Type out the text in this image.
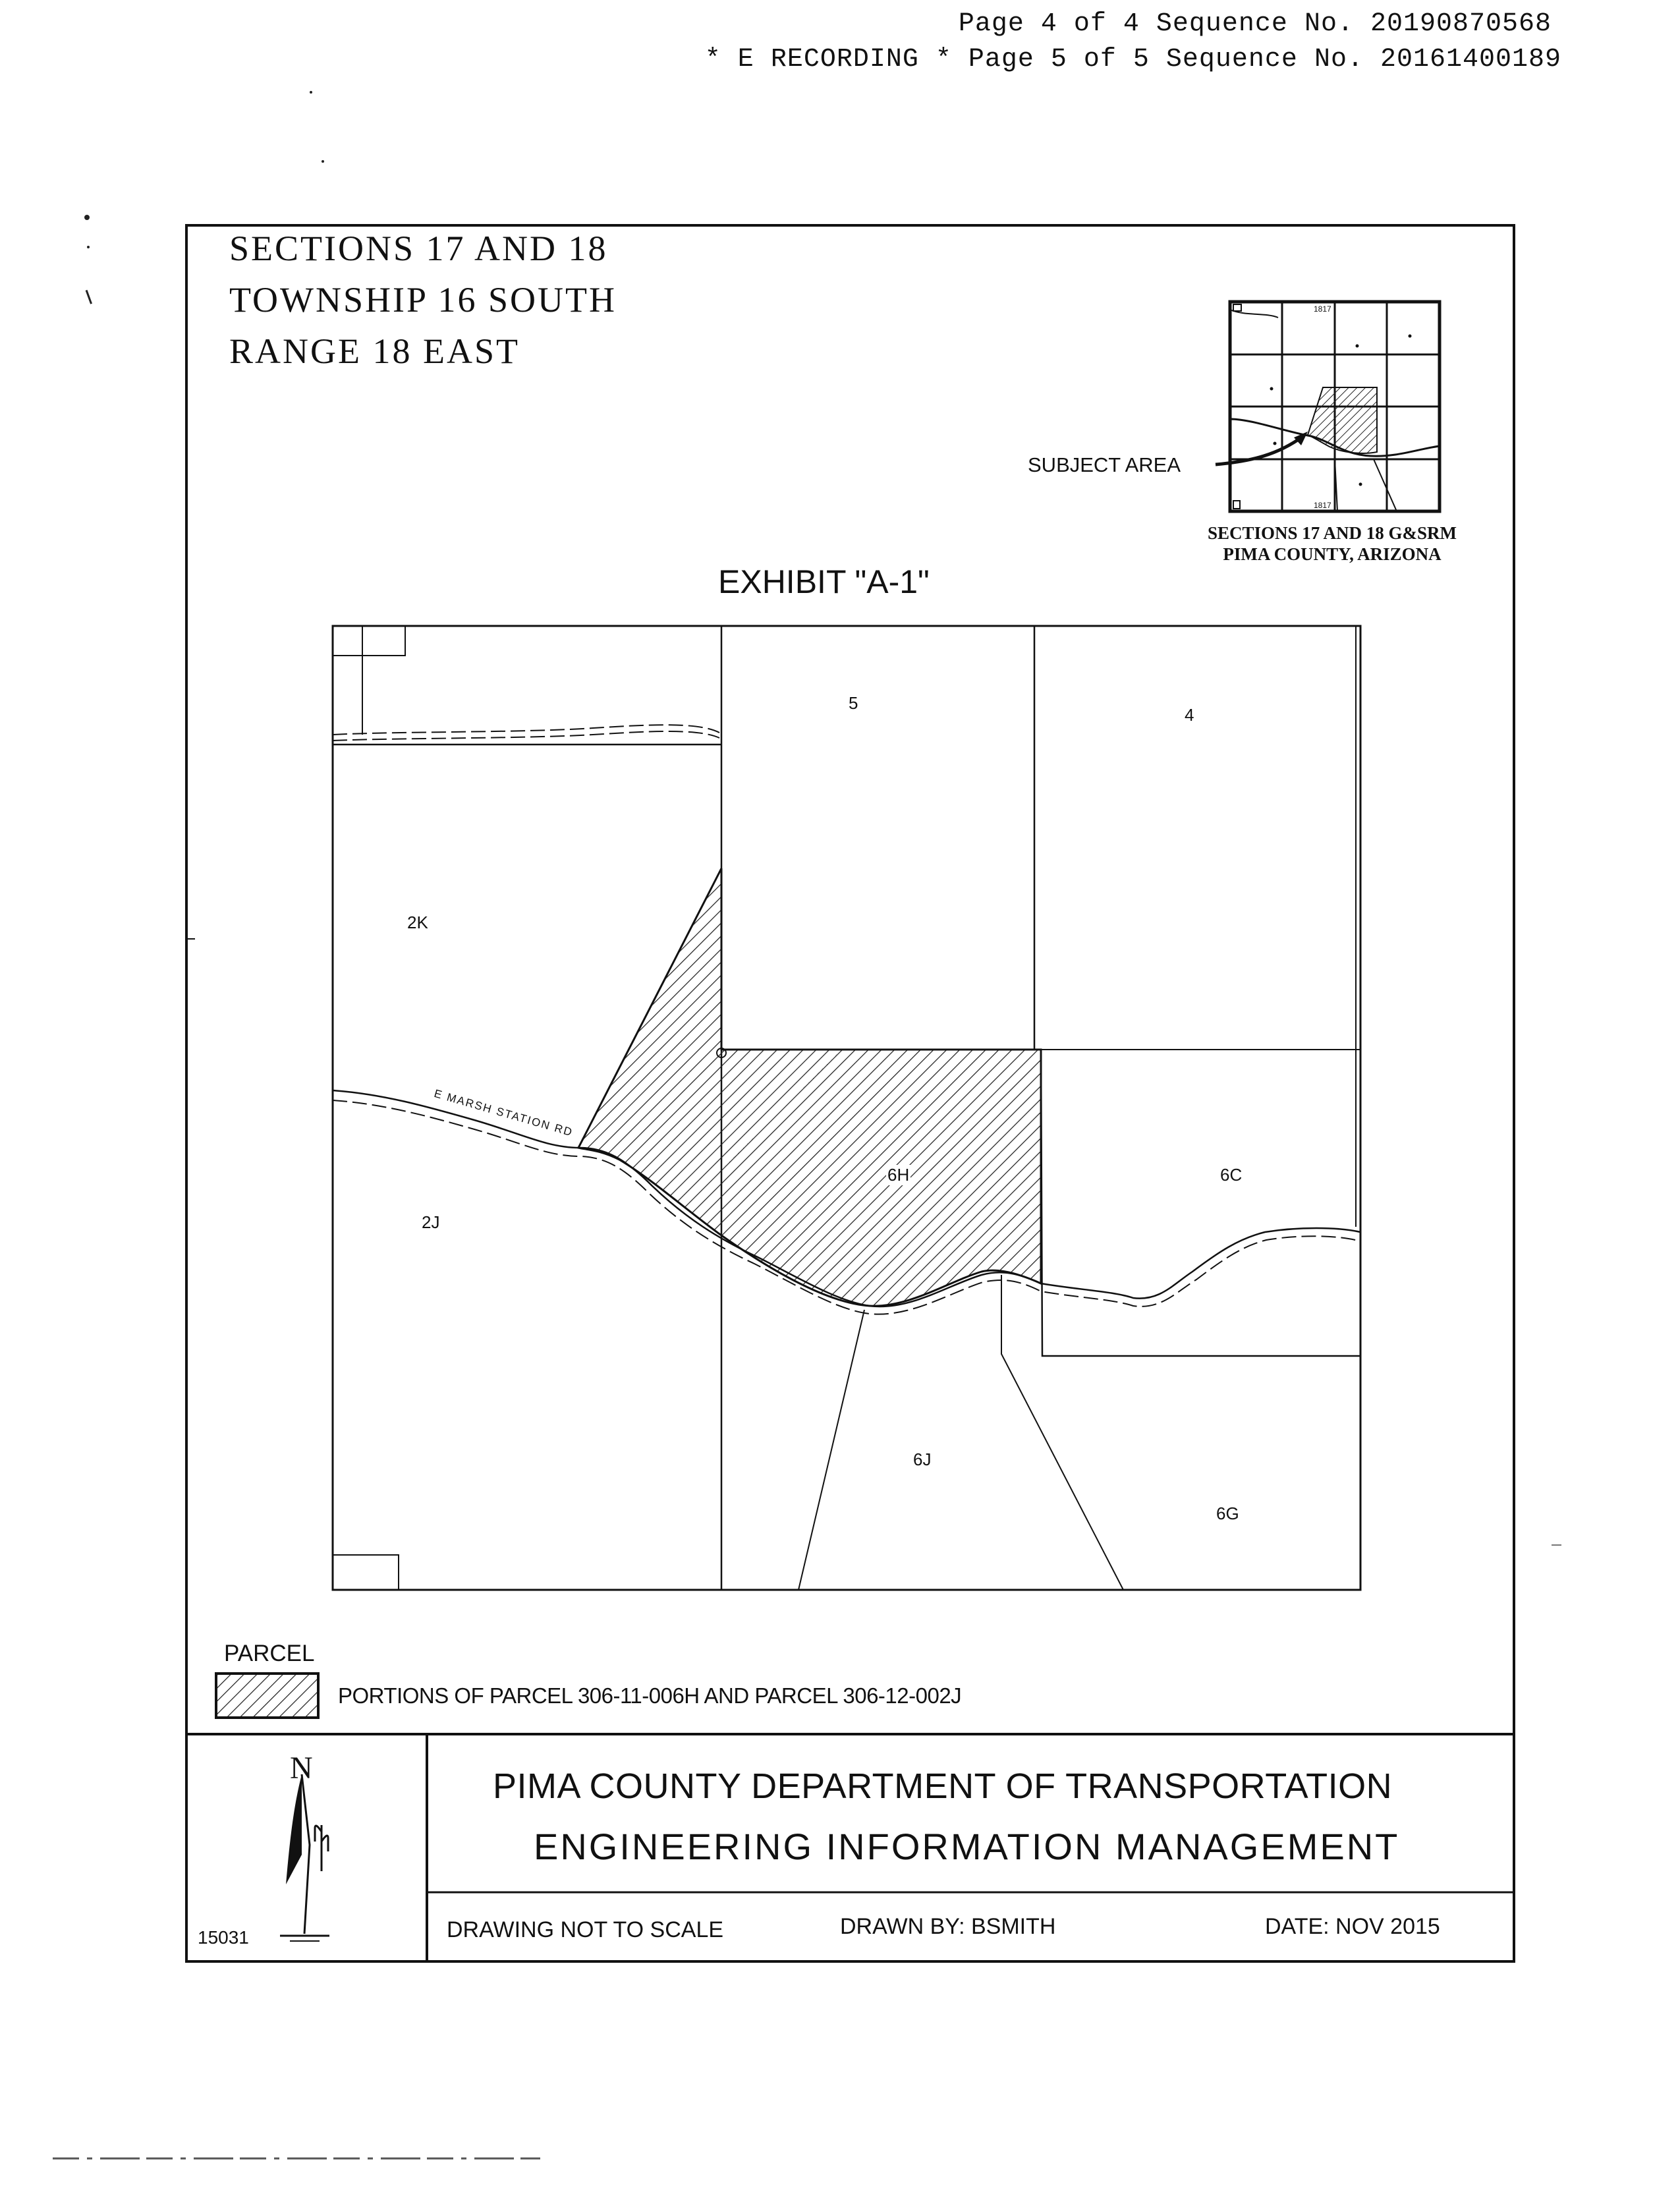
Page 4 of 4 Sequence No. 20190870568
* E RECORDING * Page 5 of 5 Sequence No. 20161400189
SECTIONS 17 AND 18
TOWNSHIP 16 SOUTH
RANGE 18 EAST
SUBJECT AREA
1817
1817
SECTIONS 17 AND 18 G&SRM
PIMA COUNTY, ARIZONA
EXHIBIT "A-1"
E MARSH STATION RD
5
4
2K
2J
6H	6C
6J
6G
PARCEL
PORTIONS OF PARCEL 306-11-006H AND PARCEL 306-12-002J
N
15031
PIMA COUNTY DEPARTMENT OF TRANSPORTATION
ENGINEERING INFORMATION MANAGEMENT
DRAWING NOT TO SCALE	DRAWN BY: BSMITH	DATE: NOV 2015
